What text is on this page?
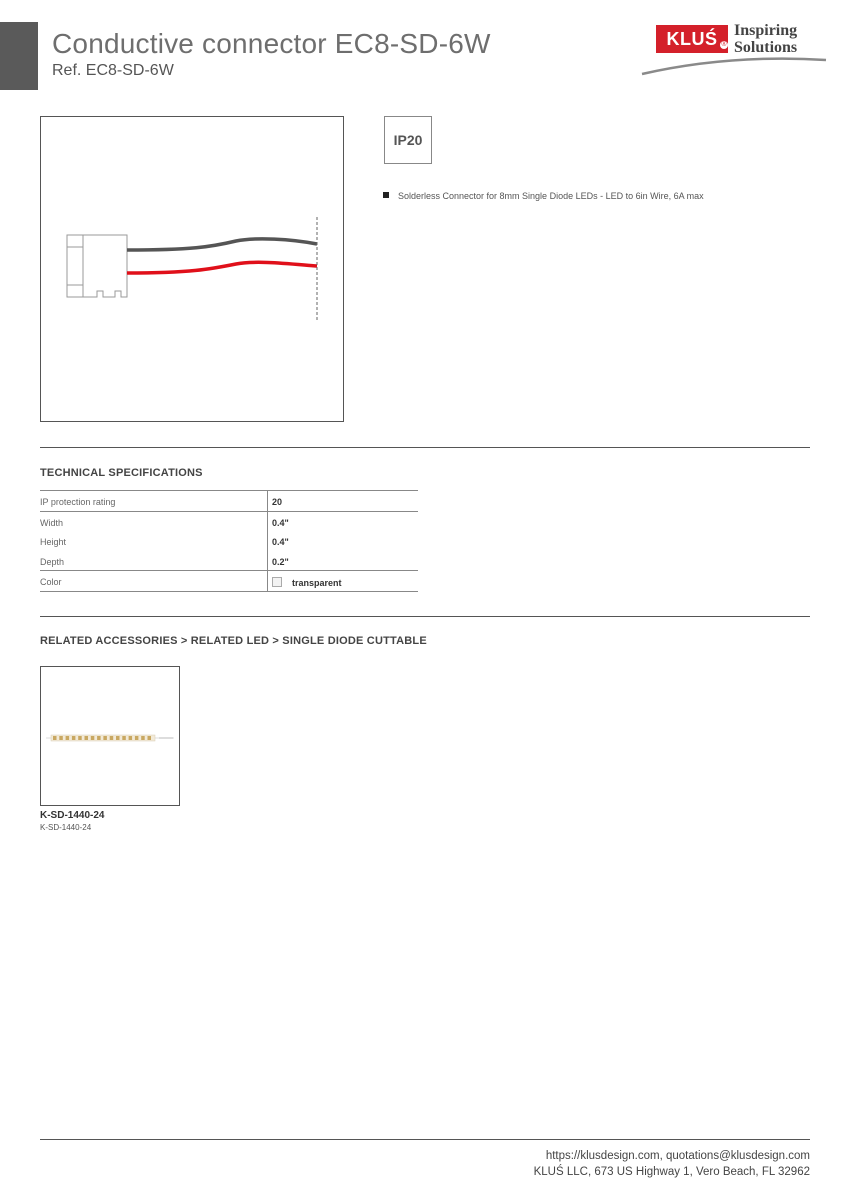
Conductive connector EC8-SD-6W
Ref. EC8-SD-6W
KLUŚ ®
Inspiring
Solutions
IP20
Solderless Connector for 8mm Single Diode LEDs - LED to 6in Wire, 6A max
TECHNICAL SPECIFICATIONS
IP protection rating	20
Width	0.4"
Height	0.4"
Depth	0.2"
Color	transparent
RELATED ACCESSORIES > RELATED LED > SINGLE DIODE CUTTABLE
K-SD-1440-24
K-SD-1440-24
https://klusdesign.com, quotations@klusdesign.com
KLUŚ LLC, 673 US Highway 1, Vero Beach, FL 32962
